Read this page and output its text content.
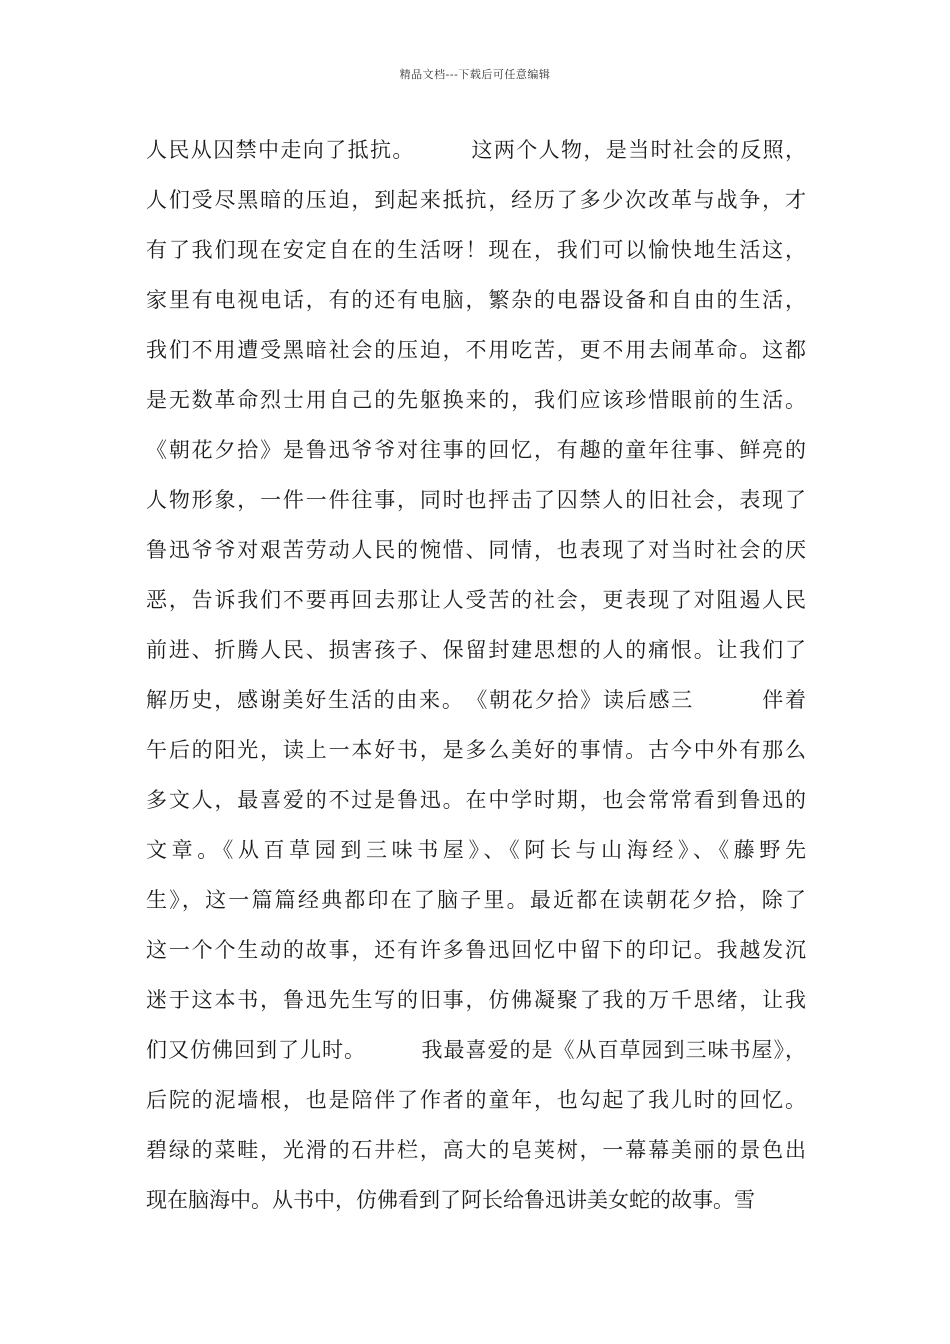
精品文档---下载后可任意编辑
人民从囚禁中走向了抵抗。　　　这两个人物，是当时社会的反照，
人们受尽黑暗的压迫，到起来抵抗，经历了多少次改革与战争，才
有了我们现在安定自在的生活呀！现在，我们可以愉快地生活这，
家里有电视电话，有的还有电脑，繁杂的电器设备和自由的生活，
我们不用遭受黑暗社会的压迫，不用吃苦，更不用去闹革命。这都
是无数革命烈士用自己的先躯换来的，我们应该珍惜眼前的生活。
《朝花夕拾》是鲁迅爷爷对往事的回忆，有趣的童年往事、鲜亮的
人物形象，一件一件往事，同时也抨击了囚禁人的旧社会，表现了
鲁迅爷爷对艰苦劳动人民的惋惜、同情，也表现了对当时社会的厌
恶，告诉我们不要再回去那让人受苦的社会，更表现了对阻遏人民
前进、折腾人民、损害孩子、保留封建思想的人的痛恨。让我们了
解历史，感谢美好生活的由来。　《朝花夕拾》读后感三　　　伴着
午后的阳光，读上一本好书，是多么美好的事情。古今中外有那么
多文人，最喜爱的不过是鲁迅。在中学时期，也会常常看到鲁迅的
文章。《从百草园到三味书屋》、《阿长与山海经》、《藤野先
生》，这一篇篇经典都印在了脑子里。最近都在读朝花夕拾，除了
这一个个生动的故事，还有许多鲁迅回忆中留下的印记。我越发沉
迷于这本书，鲁迅先生写的旧事，仿佛凝聚了我的万千思绪，让我
们又仿佛回到了儿时。　　　我最喜爱的是《从百草园到三味书屋》，
后院的泥墙根，也是陪伴了作者的童年，也勾起了我儿时的回忆。
碧绿的菜畦，光滑的石井栏，高大的皂荚树，一幕幕美丽的景色出
现在脑海中。从书中，仿佛看到了阿长给鲁迅讲美女蛇的故事。雪
